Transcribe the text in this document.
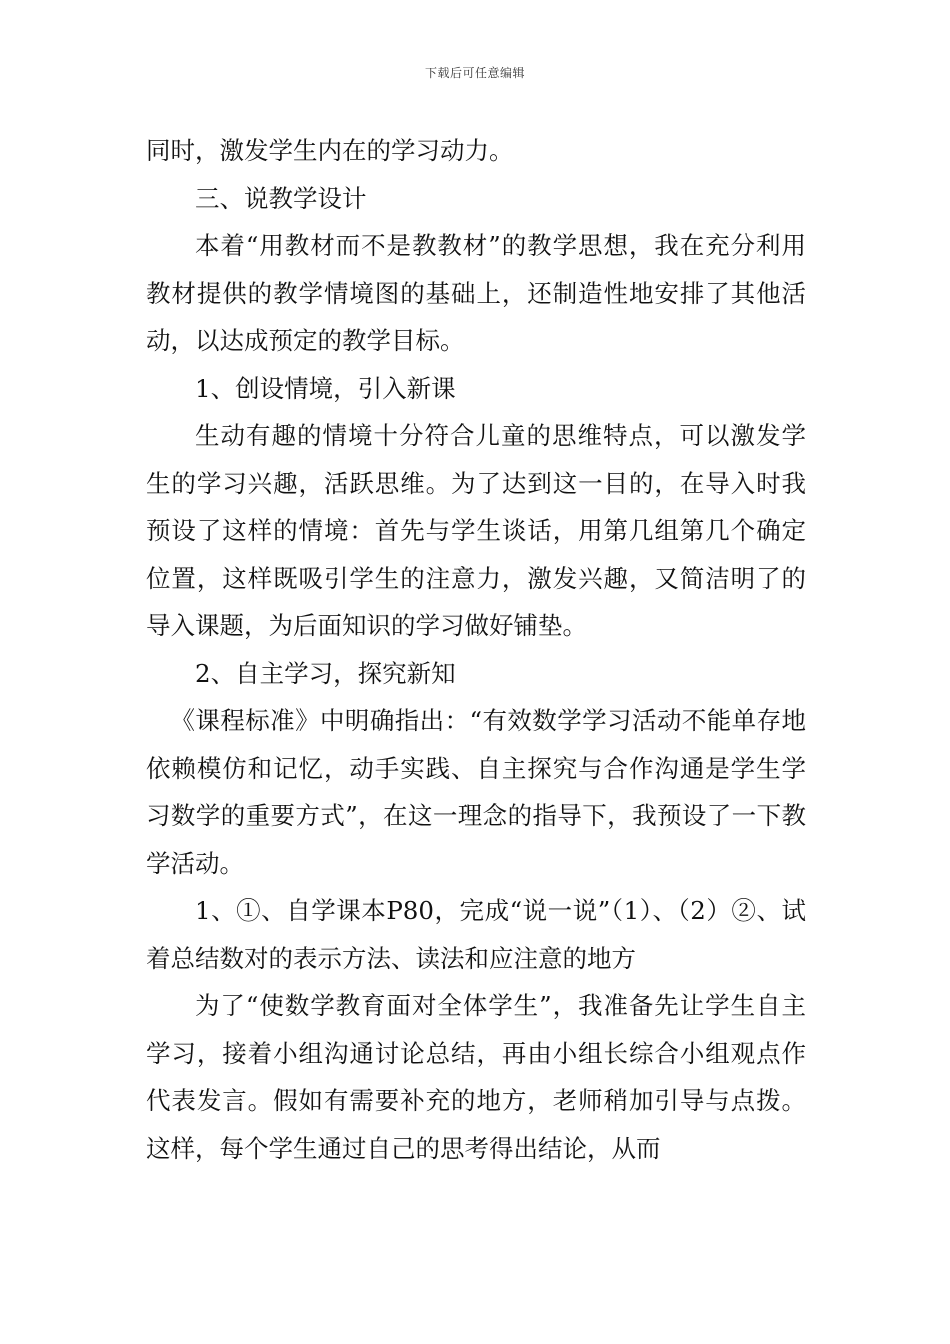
下载后可任意编辑

同时，激发学生内在的学习动力。

三、说教学设计

本着“用教材而不是教教材”的教学思想，我在充分利用教材提供的教学情境图的基础上，还制造性地安排了其他活动，以达成预定的教学目标。

1、创设情境，引入新课

生动有趣的情境十分符合儿童的思维特点，可以激发学生的学习兴趣，活跃思维。为了达到这一目的，在导入时我预设了这样的情境：首先与学生谈话，用第几组第几个确定位置，这样既吸引学生的注意力，激发兴趣，又简洁明了的导入课题，为后面知识的学习做好铺垫。

2、自主学习，探究新知

《课程标准》中明确指出：“有效数学学习活动不能单存地依赖模仿和记忆，动手实践、自主探究与合作沟通是学生学习数学的重要方式”，在这一理念的指导下，我预设了一下教学活动。

1、①、自学课本P80，完成“说一说”（1）、（2）②、试着总结数对的表示方法、读法和应注意的地方

为了“使数学教育面对全体学生”，我准备先让学生自主学习，接着小组沟通讨论总结，再由小组长综合小组观点作代表发言。假如有需要补充的地方，老师稍加引导与点拨。这样，每个学生通过自己的思考得出结论，从而
